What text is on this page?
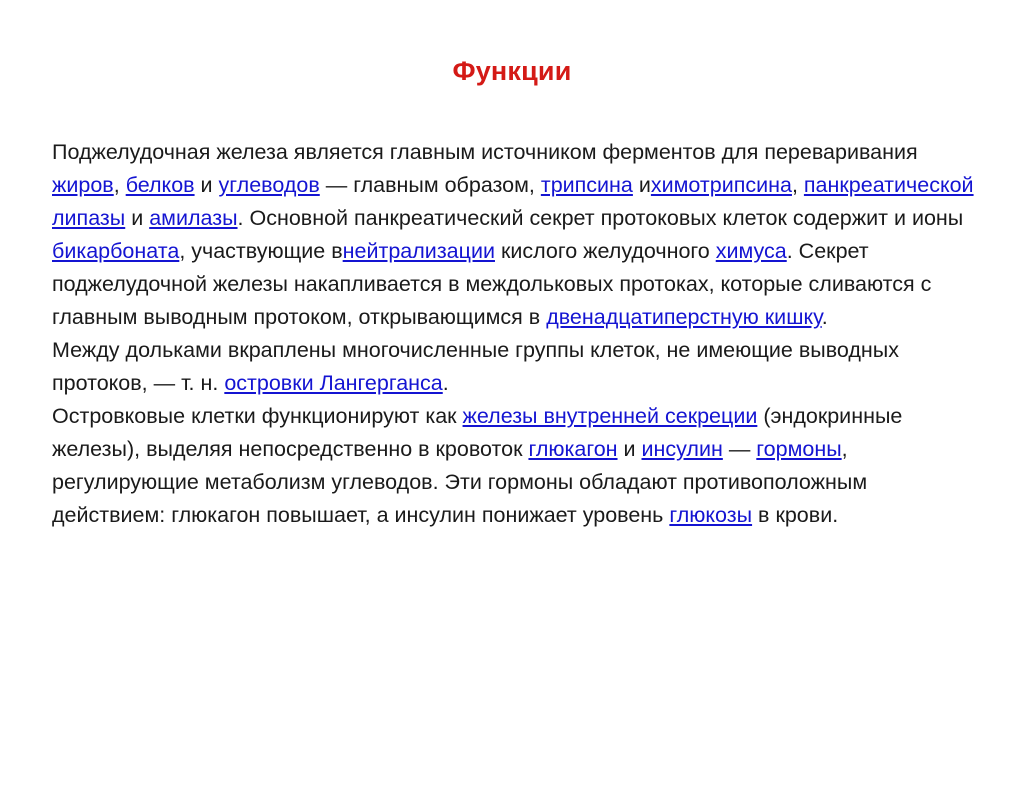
Функции

Поджелудочная железа является главным источником ферментов для переваривания жиров, белков и углеводов — главным образом, трипсина ихимотрипсина, панкреатической липазы и амилазы. Основной панкреатический секрет протоковых клеток содержит и ионы бикарбоната, участвующие внейтрализации кислого желудочного химуса. Секрет поджелудочной железы накапливается в междольковых протоках, которые сливаются с главным выводным протоком, открывающимся в двенадцатиперстную кишку.

Между дольками вкраплены многочисленные группы клеток, не имеющие выводных протоков, — т. н. островки Лангерганса.

Островковые клетки функционируют как железы внутренней секреции (эндокринные железы), выделяя непосредственно в кровоток глюкагон и инсулин — гормоны, регулирующие метаболизм углеводов. Эти гормоны обладают противоположным действием: глюкагон повышает, а инсулин понижает уровень глюкозы в крови.
